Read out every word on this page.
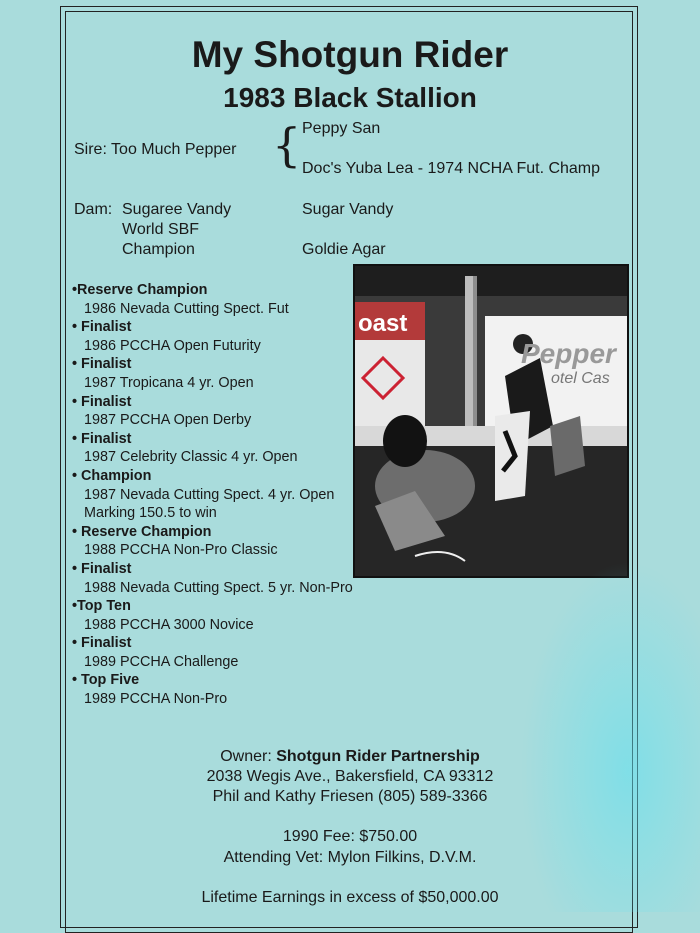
My Shotgun Rider
1983 Black Stallion
Sire: Too Much Pepper { Peppy San
Doc's Yuba Lea - 1974 NCHA Fut. Champ
Dam: Sugaree Vandy
World SBF
Champion
Sugar Vandy
Goldie Agar
•Reserve Champion
1986 Nevada Cutting Spect. Fut
• Finalist
1986 PCCHA Open Futurity
• Finalist
1987 Tropicana 4 yr. Open
• Finalist
1987 PCCHA Open Derby
• Finalist
1987 Celebrity Classic 4 yr. Open
• Champion
1987 Nevada Cutting Spect. 4 yr. Open
Marking 150.5 to win
• Reserve Champion
1988 PCCHA Non-Pro Classic
• Finalist
1988 Nevada Cutting Spect. 5 yr. Non-Pro
•Top Ten
1988 PCCHA 3000 Novice
• Finalist
1989 PCCHA Challenge
• Top Five
1989 PCCHA Non-Pro
oast
Pepper
otel Cas
Owner: Shotgun Rider Partnership
2038 Wegis Ave., Bakersfield, CA 93312
Phil and Kathy Friesen (805) 589-3366
1990 Fee: $750.00
Attending Vet: Mylon Filkins, D.V.M.
Lifetime Earnings in excess of $50,000.00
